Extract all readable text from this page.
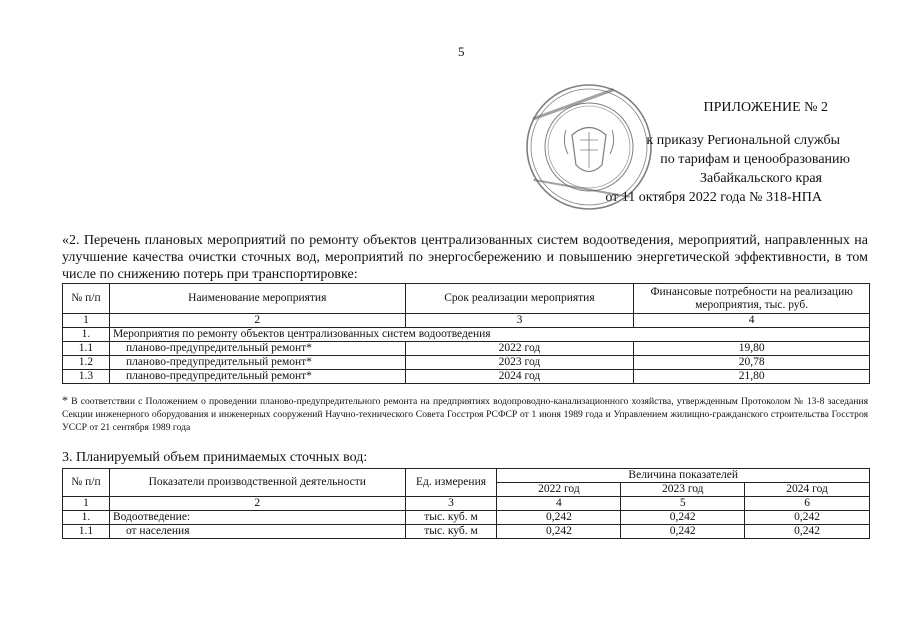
5
ПРИЛОЖЕНИЕ № 2
к приказу Региональной службы
по тарифам и ценообразованию
Забайкальского края
от 11 октября 2022 года № 318-НПА
«2. Перечень плановых мероприятий по ремонту объектов централизованных систем водоотведения, мероприятий, направленных на улучшение качества очистки сточных вод, мероприятий по энергосбережению и повышению энергетической эффективности, в том числе по снижению потерь при транспортировке:
№ п/п	Наименование мероприятия	Срок реализации мероприятия	Финансовые потребности на реализацию мероприятия, тыс. руб.
1	2	3	4
1.	Мероприятия по ремонту объектов централизованных систем водоотведения		
1.1	планово-предупредительный ремонт*	2022 год	19,80
1.2	планово-предупредительный ремонт*	2023 год	20,78
1.3	планово-предупредительный ремонт*	2024 год	21,80
* В соответствии с Положением о проведении планово-предупредительного ремонта на предприятиях водопроводно-канализационного хозяйства, утвержденным Протоколом № 13-8 заседания Секции инженерного оборудования и инженерных сооружений Научно-технического Совета Госстроя РСФСР от 1 июня 1989 года и Управлением жилищно-гражданского строительства Госстроя УССР от 21 сентября 1989 года
3. Планируемый объем принимаемых сточных вод:
№ п/п	Показатели производственной деятельности	Ед. измерения	Величина показателей		
			2022 год	2023 год	2024 год
1	2	3	4	5	6
1.	Водоотведение:	тыс. куб. м	0,242	0,242	0,242
1.1	от населения	тыс. куб. м	0,242	0,242	0,242
